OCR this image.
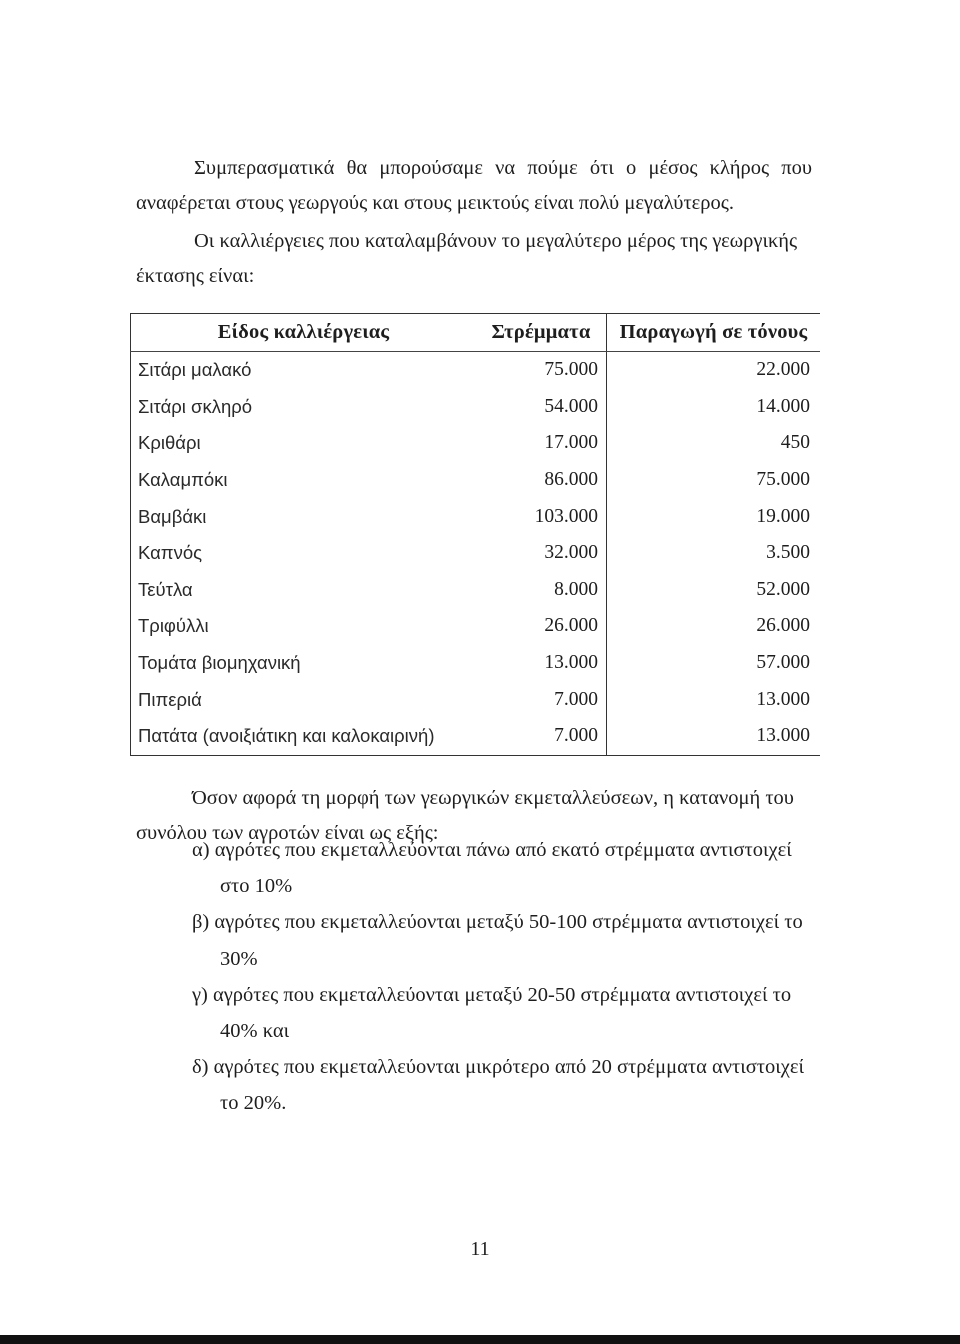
Συμπερασματικά θα μπορούσαμε να πούμε ότι ο μέσος κλήρος που αναφέρεται στους γεωργούς και στους μεικτούς είναι πολύ μεγαλύτερος.

Οι καλλιέργειες που καταλαμβάνουν το μεγαλύτερο μέρος της γεωργικής έκτασης είναι:

Είδος καλλιέργειας	Στρέμματα	Παραγωγή σε τόνους
Σιτάρι μαλακό	75.000	22.000
Σιτάρι σκληρό	54.000	14.000
Κριθάρι	17.000	450
Καλαμπόκι	86.000	75.000
Βαμβάκι	103.000	19.000
Καπνός	32.000	3.500
Τεύτλα	8.000	52.000
Τριφύλλι	26.000	26.000
Τομάτα βιομηχανική	13.000	57.000
Πιπεριά	7.000	13.000
Πατάτα (ανοιξιάτικη και καλοκαιρινή)	7.000	13.000

Όσον αφορά τη μορφή των γεωργικών εκμεταλλεύσεων, η κατανομή του συνόλου των αγροτών είναι ως εξής:

α) αγρότες που εκμεταλλεύονται πάνω από εκατό στρέμματα αντιστοιχεί
στο 10%

β) αγρότες που εκμεταλλεύονται μεταξύ 50-100 στρέμματα αντιστοιχεί το
30%

γ) αγρότες που εκμεταλλεύονται μεταξύ 20-50 στρέμματα αντιστοιχεί το
40% και

δ) αγρότες που εκμεταλλεύονται μικρότερο από 20 στρέμματα αντιστοιχεί
το 20%.

11
